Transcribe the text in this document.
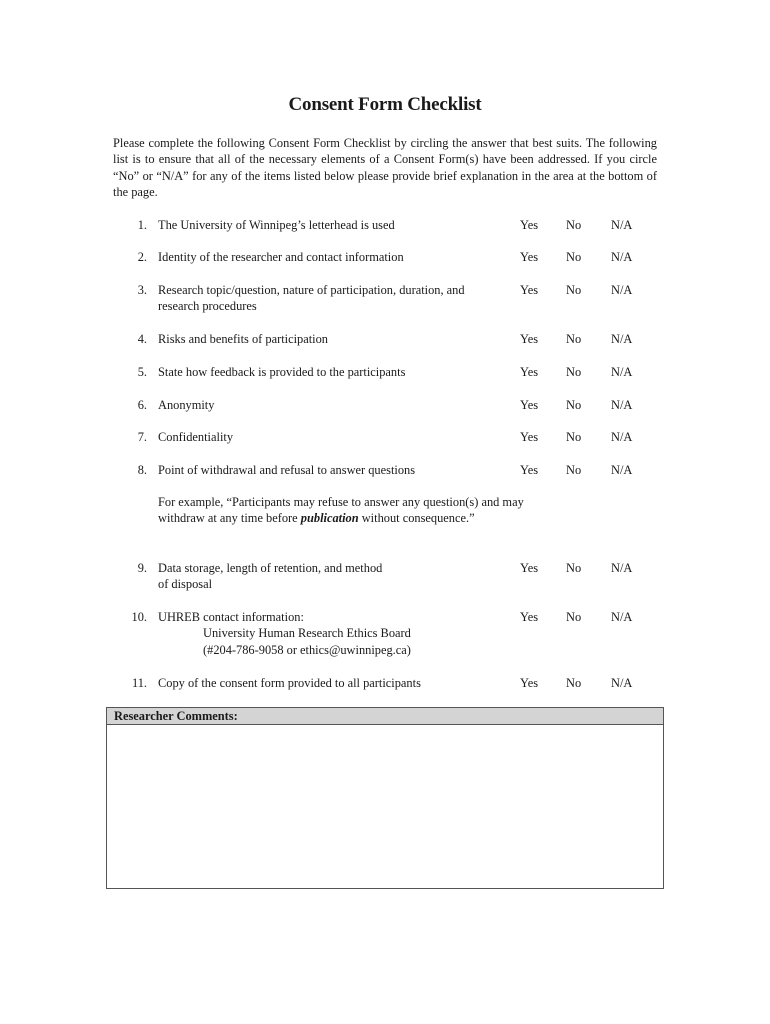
Consent Form Checklist
Please complete the following Consent Form Checklist by circling the answer that best suits. The following list is to ensure that all of the necessary elements of a Consent Form(s) have been addressed. If you circle “No” or “N/A” for any of the items listed below please provide brief explanation in the area at the bottom of the page.
1. The University of Winnipeg’s letterhead is used	Yes No N/A
2. Identity of the researcher and contact information	Yes No N/A
3. Research topic/question, nature of participation, duration, and research procedures
Yes No N/A
4. Risks and benefits of participation	Yes No N/A
5. State how feedback is provided to the participants	Yes No N/A
6. Anonymity	Yes No N/A
7. Confidentiality	Yes No N/A
8. Point of withdrawal and refusal to answer questions	Yes No N/A
For example, “Participants may refuse to answer any question(s) and may withdraw at any time before publication without consequence.”
9. Data storage, length of retention, and method
of disposal
Yes No N/A
10. UHREB contact information:
University Human Research Ethics Board
(#204-786-9058 or ethics@uwinnipeg.ca)
Yes No N/A
11. Copy of the consent form provided to all participants	Yes No N/A
Researcher Comments:
